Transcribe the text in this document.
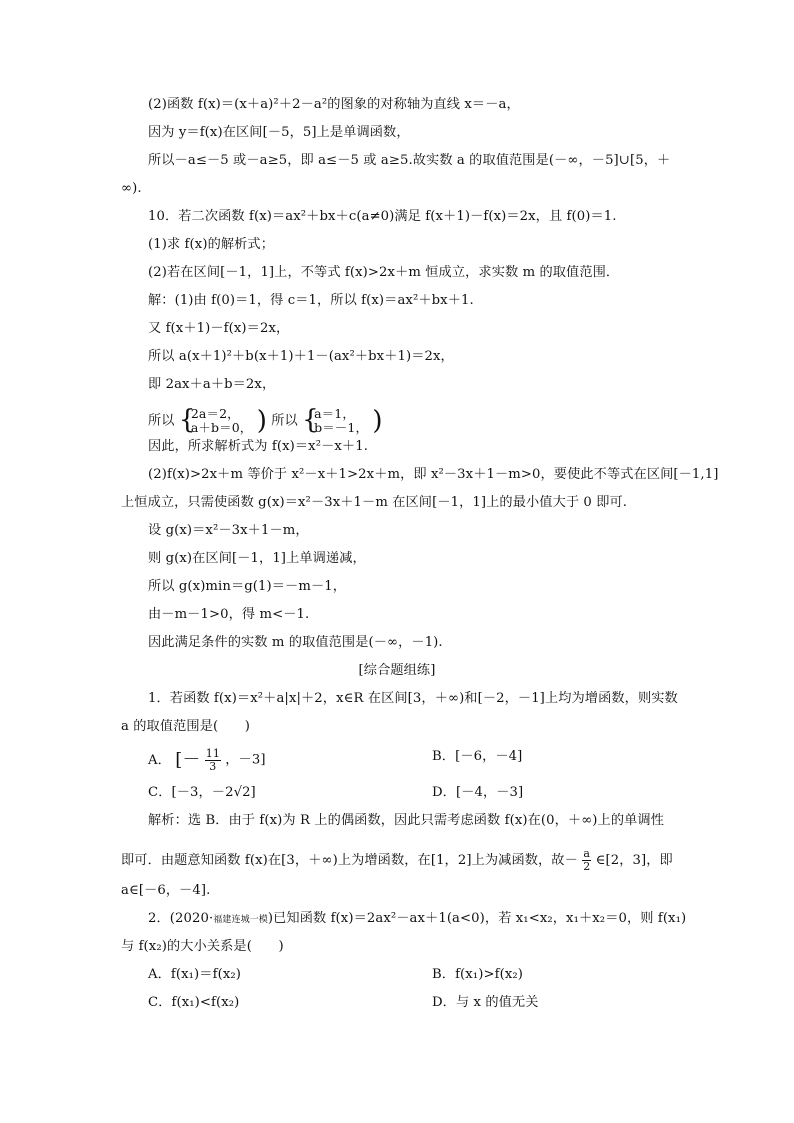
(2)函数 f(x)＝(x＋a)²＋2－a²的图象的对称轴为直线 x＝－a，
因为 y＝f(x)在区间[－5，5]上是单调函数，
所以－a≤－5 或－a≥5，即 a≤－5 或 a≥5.故实数 a 的取值范围是(－∞，－5]∪[5，＋
∞).
10．若二次函数 f(x)＝ax²＋bx＋c(a≠0)满足 f(x＋1)－f(x)＝2x，且 f(0)＝1.
(1)求 f(x)的解析式；
(2)若在区间[－1，1]上，不等式 f(x)>2x＋m 恒成立，求实数 m 的取值范围．
解：(1)由 f(0)＝1，得 c＝1，所以 f(x)＝ax²＋bx＋1.
又 f(x＋1)－f(x)＝2x，
所以 a(x＋1)²＋b(x＋1)＋1－(ax²＋bx＋1)＝2x，
即 2ax＋a＋b＝2x，
所以 {
2a＝2，
a＋b＝0， ) 所以 {
a＝1，
b＝－1， )
因此，所求解析式为 f(x)＝x²－x＋1.
(2)f(x)>2x＋m 等价于 x²－x＋1>2x＋m，即 x²－3x＋1－m>0，要使此不等式在区间[－1,1]
上恒成立，只需使函数 g(x)＝x²－3x＋1－m 在区间[－1，1]上的最小值大于 0 即可.
设 g(x)＝x²－3x＋1－m，
则 g(x)在区间[－1，1]上单调递减，
所以 g(x)min＝g(1)＝－m－1，
由－m－1>0，得 m<－1.
因此满足条件的实数 m 的取值范围是(－∞，－1).
[综合题组练]
1．若函数 f(x)＝x²＋a|x|＋2，x∈R 在区间[3，＋∞)和[－2，－1]上均为增函数，则实数
a 的取值范围是(　　)
A． [－ $\frac{11}{3}$ ，－3]	B．[－6，－4]
C．[－3，－2√2]	D．[－4，－3]
解析：选 B．由于 f(x)为 R 上的偶函数，因此只需考虑函数 f(x)在(0，＋∞)上的单调性
即可．由题意知函数 f(x)在[3，＋∞)上为增函数，在[1，2]上为减函数，故－ $\frac{a}{2}$ ∈[2，3]，即
a∈[－6，－4].
2．(2020·福建连城一模)已知函数 f(x)＝2ax²－ax＋1(a<0)，若 x₁<x₂，x₁＋x₂＝0，则 f(x₁)
与 f(x₂)的大小关系是(　　)
A．f(x₁)＝f(x₂)	B．f(x₁)>f(x₂)
C．f(x₁)<f(x₂)	D．与 x 的值无关
